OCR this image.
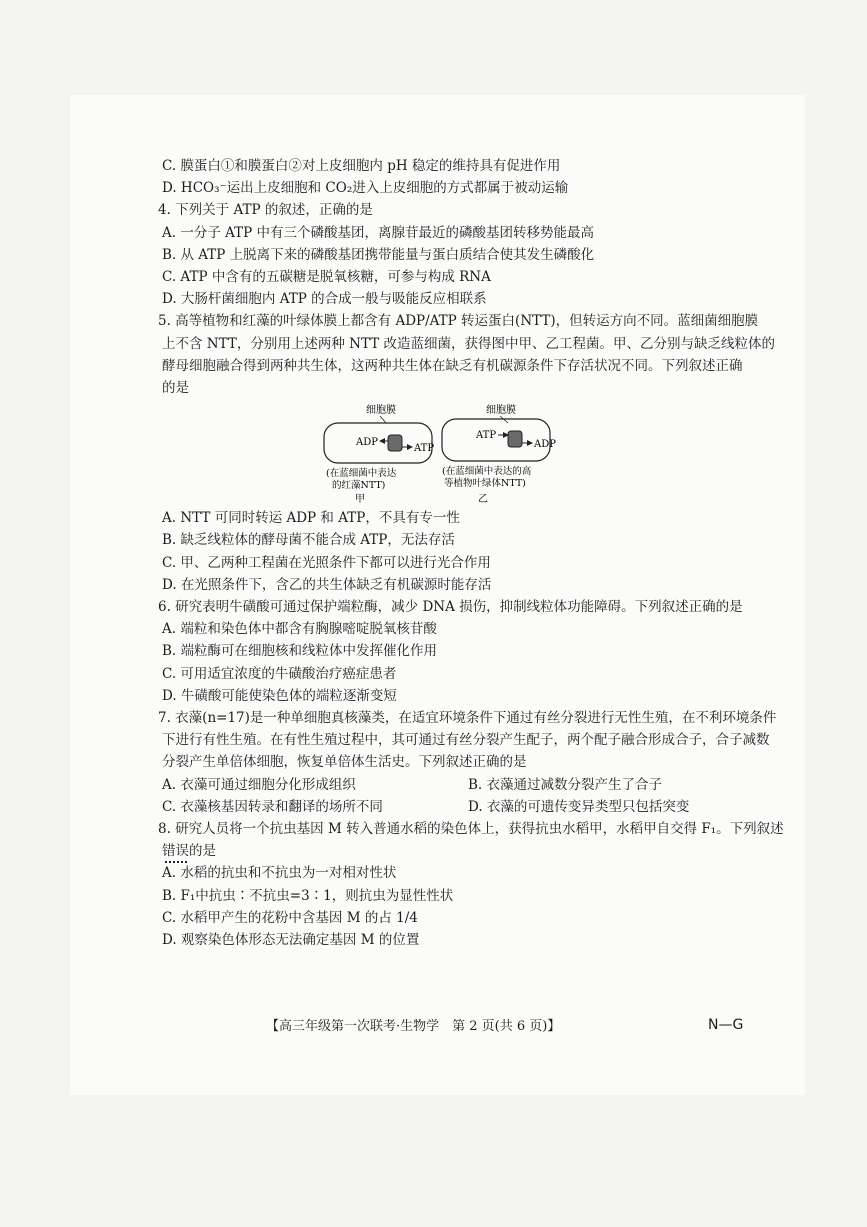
C. 膜蛋白①和膜蛋白②对上皮细胞内 pH 稳定的维持具有促进作用
D. HCO₃⁻运出上皮细胞和 CO₂进入上皮细胞的方式都属于被动运输
4. 下列关于 ATP 的叙述，正确的是
A. 一分子 ATP 中有三个磷酸基团，离腺苷最近的磷酸基团转移势能最高
B. 从 ATP 上脱离下来的磷酸基团携带能量与蛋白质结合使其发生磷酸化
C. ATP 中含有的五碳糖是脱氧核糖，可参与构成 RNA
D. 大肠杆菌细胞内 ATP 的合成一般与吸能反应相联系
5. 高等植物和红藻的叶绿体膜上都含有 ADP/ATP 转运蛋白(NTT)，但转运方向不同。蓝细菌细胞膜
上不含 NTT，分别用上述两种 NTT 改造蓝细菌，获得图中甲、乙工程菌。甲、乙分别与缺乏线粒体的
酵母细胞融合得到两种共生体，这两种共生体在缺乏有机碳源条件下存活状况不同。下列叙述正确
的是
细胞膜
ADP
ATP
(在蓝细菌中表达
的红藻NTT)
甲
细胞膜
ATP
ADP
(在蓝细菌中表达的高
等植物叶绿体NTT)
乙
A. NTT 可同时转运 ADP 和 ATP，不具有专一性
B. 缺乏线粒体的酵母菌不能合成 ATP，无法存活
C. 甲、乙两种工程菌在光照条件下都可以进行光合作用
D. 在光照条件下，含乙的共生体缺乏有机碳源时能存活
6. 研究表明牛磺酸可通过保护端粒酶，减少 DNA 损伤，抑制线粒体功能障碍。下列叙述正确的是
A. 端粒和染色体中都含有胸腺嘧啶脱氧核苷酸
B. 端粒酶可在细胞核和线粒体中发挥催化作用
C. 可用适宜浓度的牛磺酸治疗癌症患者
D. 牛磺酸可能使染色体的端粒逐渐变短
7. 衣藻(n=17)是一种单细胞真核藻类，在适宜环境条件下通过有丝分裂进行无性生殖，在不利环境条件
下进行有性生殖。在有性生殖过程中，其可通过有丝分裂产生配子，两个配子融合形成合子，合子减数
分裂产生单倍体细胞，恢复单倍体生活史。下列叙述正确的是
A. 衣藻可通过细胞分化形成组织	B. 衣藻通过减数分裂产生了合子
C. 衣藻核基因转录和翻译的场所不同	D. 衣藻的可遗传变异类型只包括突变
8. 研究人员将一个抗虫基因 M 转入普通水稻的染色体上，获得抗虫水稻甲，水稻甲自交得 F₁。下列叙述
错误的是
A. 水稻的抗虫和不抗虫为一对相对性状
B. F₁中抗虫∶不抗虫=3∶1，则抗虫为显性性状
C. 水稻甲产生的花粉中含基因 M 的占 1/4
D. 观察染色体形态无法确定基因 M 的位置
【高三年级第一次联考·生物学　第 2 页(共 6 页)】	N—G
